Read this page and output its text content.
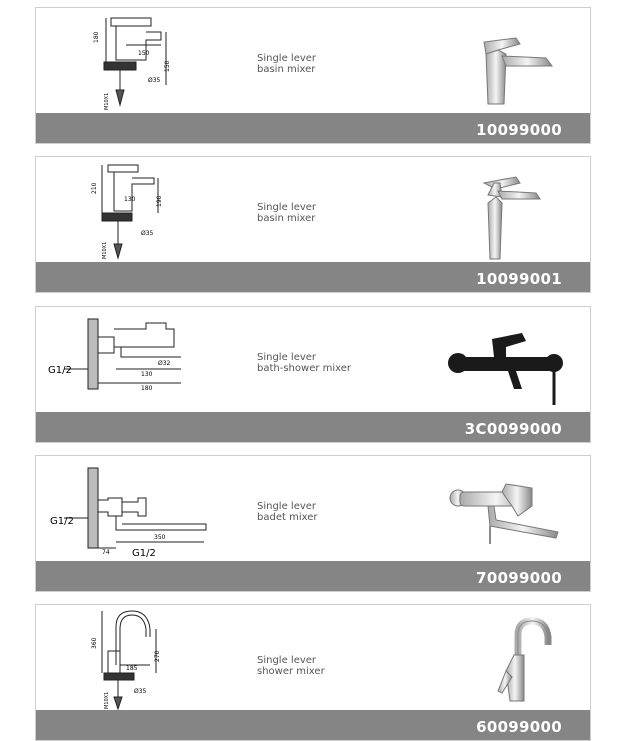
180
150
Ø35
150
M10X1
Single lever
basin mixer
10099000
210
130	190
Ø35
M10X1
Single lever
basin mixer
10099001
G1/2
Ø32
130
180
Single lever
bath-shower mixer
3C0099000
G1/2
G1/2
350
74
Single lever
badet mixer
70099000
360
270
185
Ø35
M10X1
Single lever
shower mixer
60099000
